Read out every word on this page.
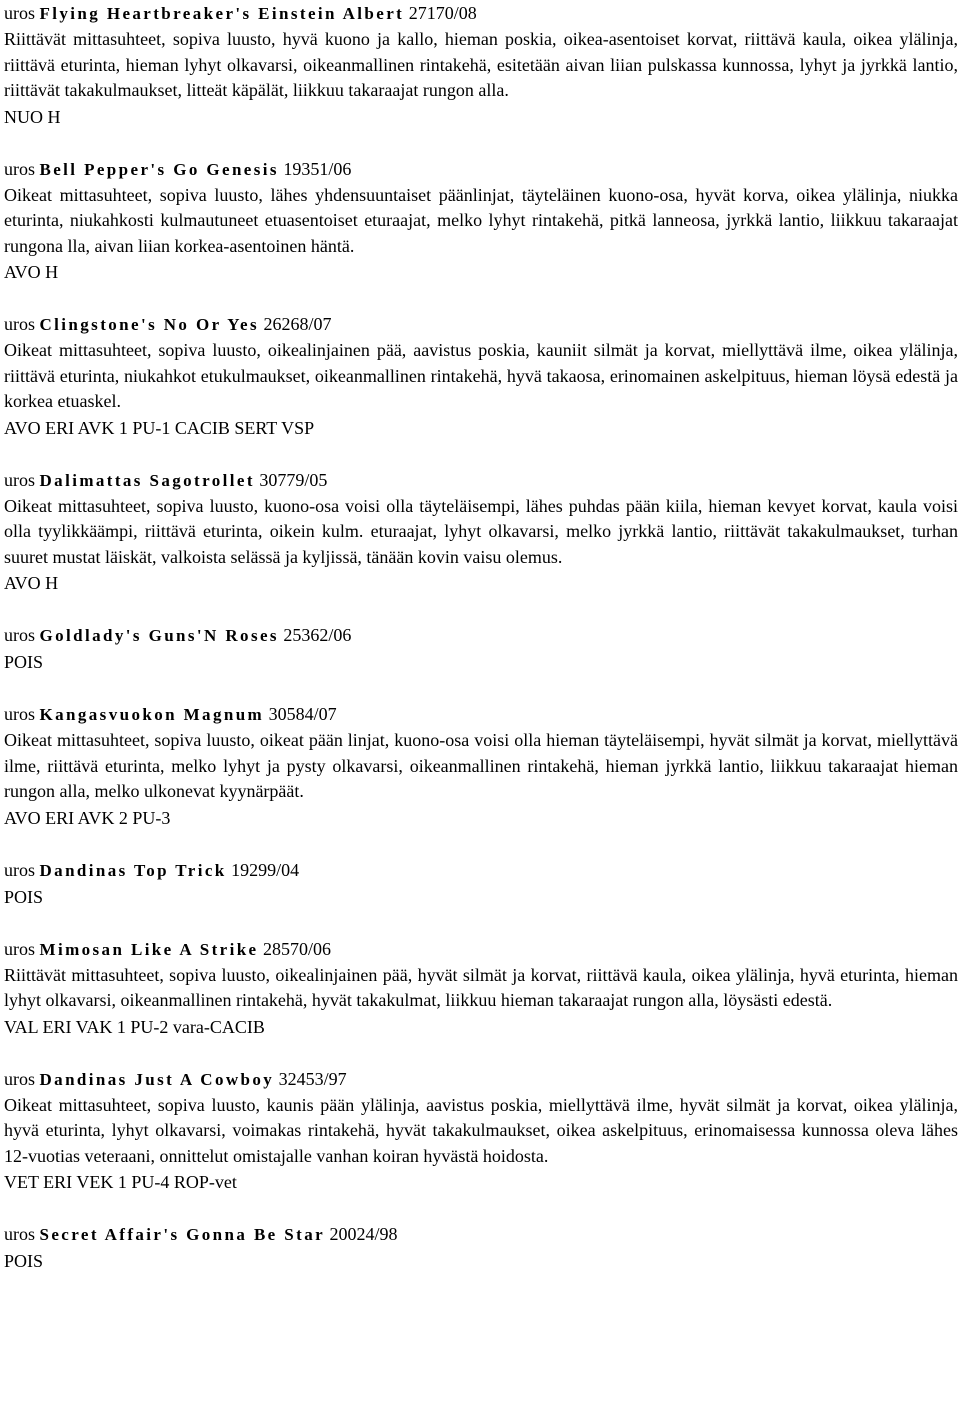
uros Flying Heartbreaker's Einstein Albert 27170/08
Riittävät mittasuhteet, sopiva luusto, hyvä kuono ja kallo, hieman poskia, oikea-asentoiset korvat, riittävä kaula, oikea ylälinja, riittävä eturinta, hieman lyhyt olkavarsi, oikeanmallinen rintakehä, esitetään aivan liian pulskassa kunnossa, lyhyt ja jyrkkä lantio, riittävät takakulmaukset, litteät käpälät, liikkuu takaraajat rungon alla.
NUO H
uros Bell Pepper's Go Genesis 19351/06
Oikeat mittasuhteet, sopiva luusto, lähes yhdensuuntaiset päänlinjat, täyteläinen kuono-osa, hyvät korva, oikea ylälinja, niukka eturinta, niukahkosti kulmautuneet etuasentoiset eturaajat, melko lyhyt rintakehä, pitkä lanneosa, jyrkkä lantio, liikkuu takaraajat rungona lla, aivan liian korkea-asentoinen häntä.
AVO H
uros Clingstone's No Or Yes 26268/07
Oikeat mittasuhteet, sopiva luusto, oikealinjainen pää, aavistus poskia, kauniit silmät ja korvat, miellyttävä ilme, oikea ylälinja, riittävä eturinta, niukahkot etukulmaukset, oikeanmallinen rintakehä, hyvä takaosa, erinomainen askelpituus, hieman löysä edestä ja korkea etuaskel.
AVO ERI AVK 1 PU-1 CACIB SERT VSP
uros Dalimattas Sagotrollet 30779/05
Oikeat mittasuhteet, sopiva luusto, kuono-osa voisi olla täyteläisempi, lähes puhdas pään kiila, hieman kevyet korvat, kaula voisi olla tyylikkäämpi, riittävä eturinta, oikein kulm. eturaajat, lyhyt olkavarsi, melko jyrkkä lantio, riittävät takakulmaukset, turhan suuret mustat läiskät, valkoista selässä ja kyljissä, tänään kovin vaisu olemus.
AVO H
uros Goldlady's Guns'N Roses 25362/06
POIS
uros Kangasvuokon Magnum 30584/07
Oikeat mittasuhteet, sopiva luusto, oikeat pään linjat, kuono-osa voisi olla hieman täyteläisempi, hyvät silmät ja korvat, miellyttävä ilme, riittävä eturinta, melko lyhyt ja pysty olkavarsi, oikeanmallinen rintakehä, hieman jyrkkä lantio, liikkuu takaraajat hieman rungon alla, melko ulkonevat kyynärpäät.
AVO ERI AVK 2 PU-3
uros Dandinas Top Trick 19299/04
POIS
uros Mimosan Like A Strike 28570/06
Riittävät mittasuhteet, sopiva luusto, oikealinjainen pää, hyvät silmät ja korvat, riittävä kaula, oikea ylälinja, hyvä eturinta, hieman lyhyt olkavarsi, oikeanmallinen rintakehä, hyvät takakulmat, liikkuu hieman takaraajat rungon alla, löysästi edestä.
VAL ERI VAK 1 PU-2 vara-CACIB
uros Dandinas Just A Cowboy 32453/97
Oikeat mittasuhteet, sopiva luusto, kaunis pään ylälinja, aavistus poskia, miellyttävä ilme, hyvät silmät ja korvat, oikea ylälinja, hyvä eturinta, lyhyt olkavarsi, voimakas rintakehä, hyvät takakulmaukset, oikea askelpituus, erinomaisessa kunnossa oleva lähes 12-vuotias veteraani, onnittelut omistajalle vanhan koiran hyvästä hoidosta.
VET ERI VEK 1 PU-4 ROP-vet
uros Secret Affair's Gonna Be Star 20024/98
POIS
